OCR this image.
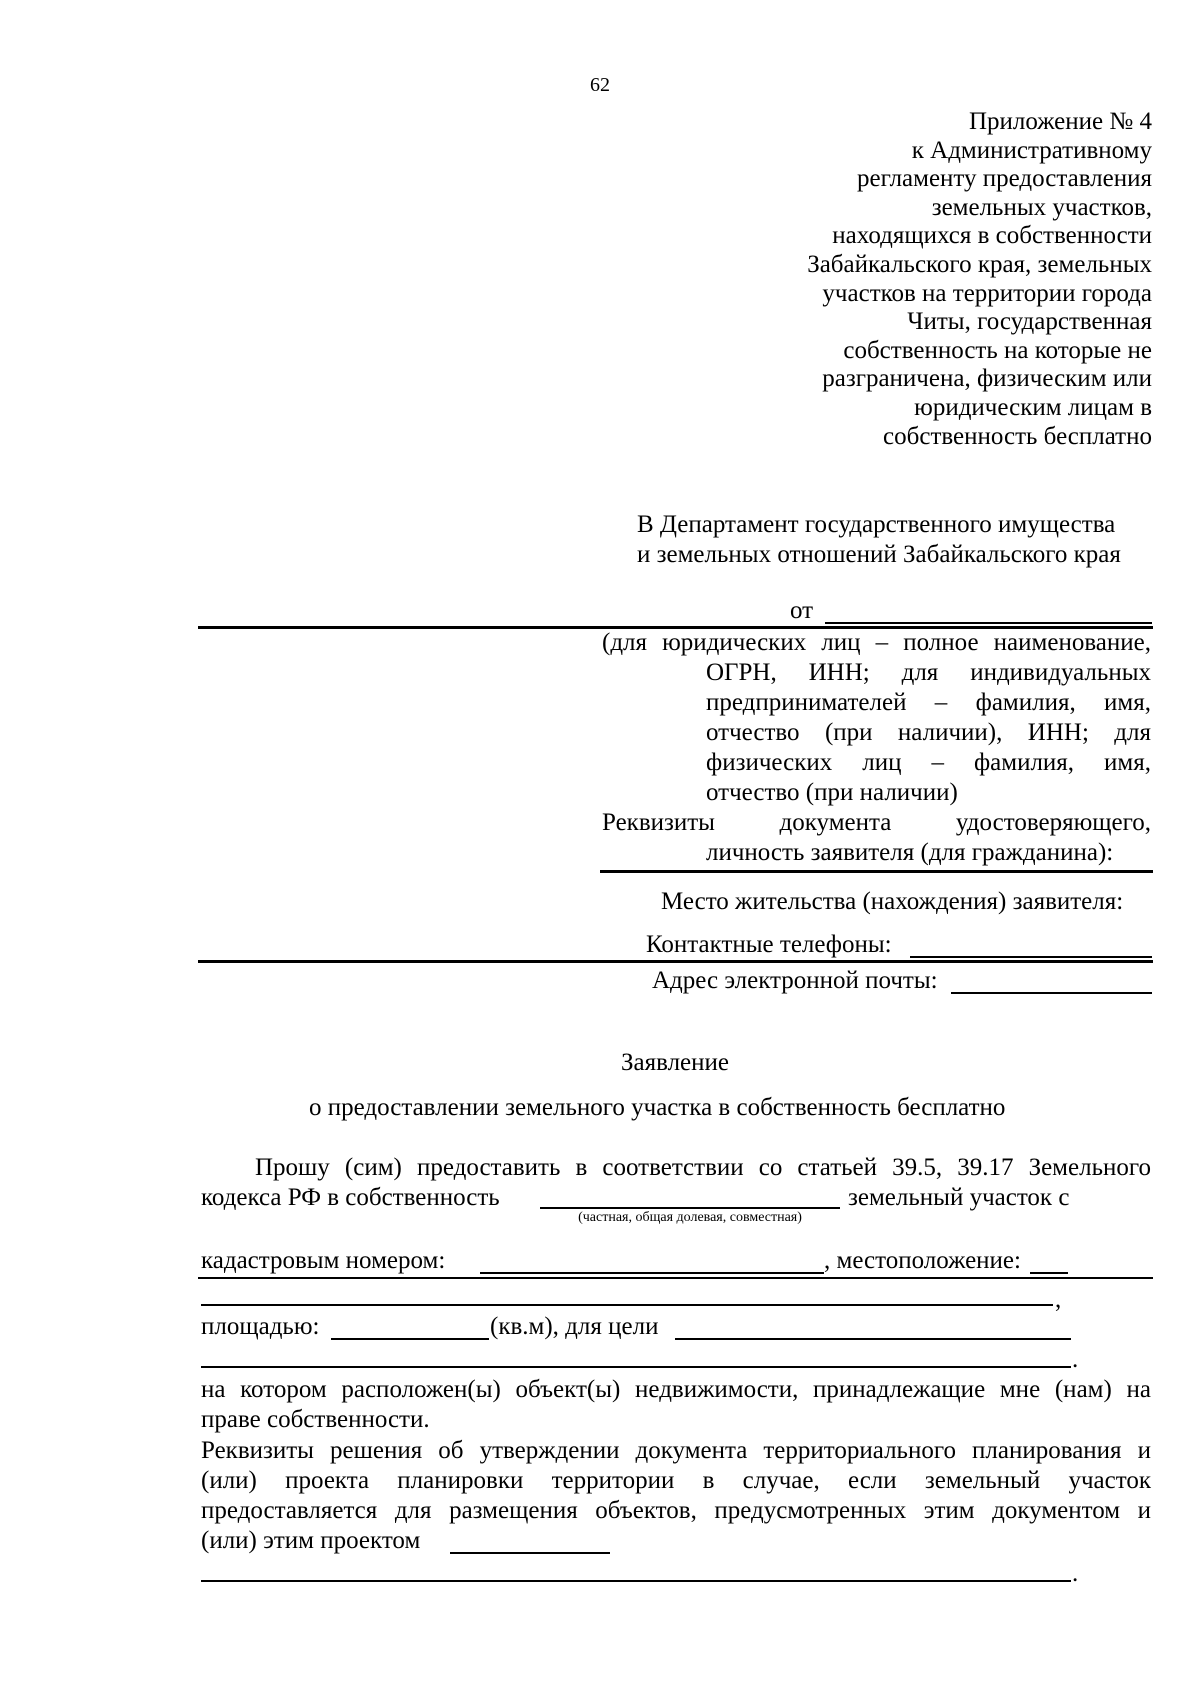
62
Приложение № 4
к Административному
регламенту предоставления
земельных участков,
находящихся в собственности
Забайкальского края, земельных
участков на территории города
Читы, государственная
собственность на которые не
разграничена, физическим или
юридическим лицам в
собственность бесплатно
В Департамент государственного имущества
и земельных отношений Забайкальского края
от
(для юридических лиц – полное наименование,
ОГРН, ИНН; для индивидуальных
предпринимателей – фамилия, имя,
отчество (при наличии), ИНН; для
физических лиц – фамилия, имя,
отчество (при наличии)
Реквизиты документа удостоверяющего,
личность заявителя (для гражданина):
Место жительства (нахождения) заявителя:
Контактные телефоны:
Адрес электронной почты:
Заявление
о предоставлении земельного участка в собственность бесплатно
Прошу (сим) предоставить в соответствии со статьей 39.5, 39.17 Земельного
кодекса РФ в собственность	земельный участок с
(частная, общая долевая, совместная)
кадастровым номером:	, местоположение:
,
площадью:	(кв.м), для цели
.
на котором расположен(ы) объект(ы) недвижимости, принадлежащие мне (нам) на
праве собственности.
Реквизиты решения об утверждении документа территориального планирования и
(или) проекта планировки территории в случае, если земельный участок
предоставляется для размещения объектов, предусмотренных этим документом и
(или) этим проектом
.
